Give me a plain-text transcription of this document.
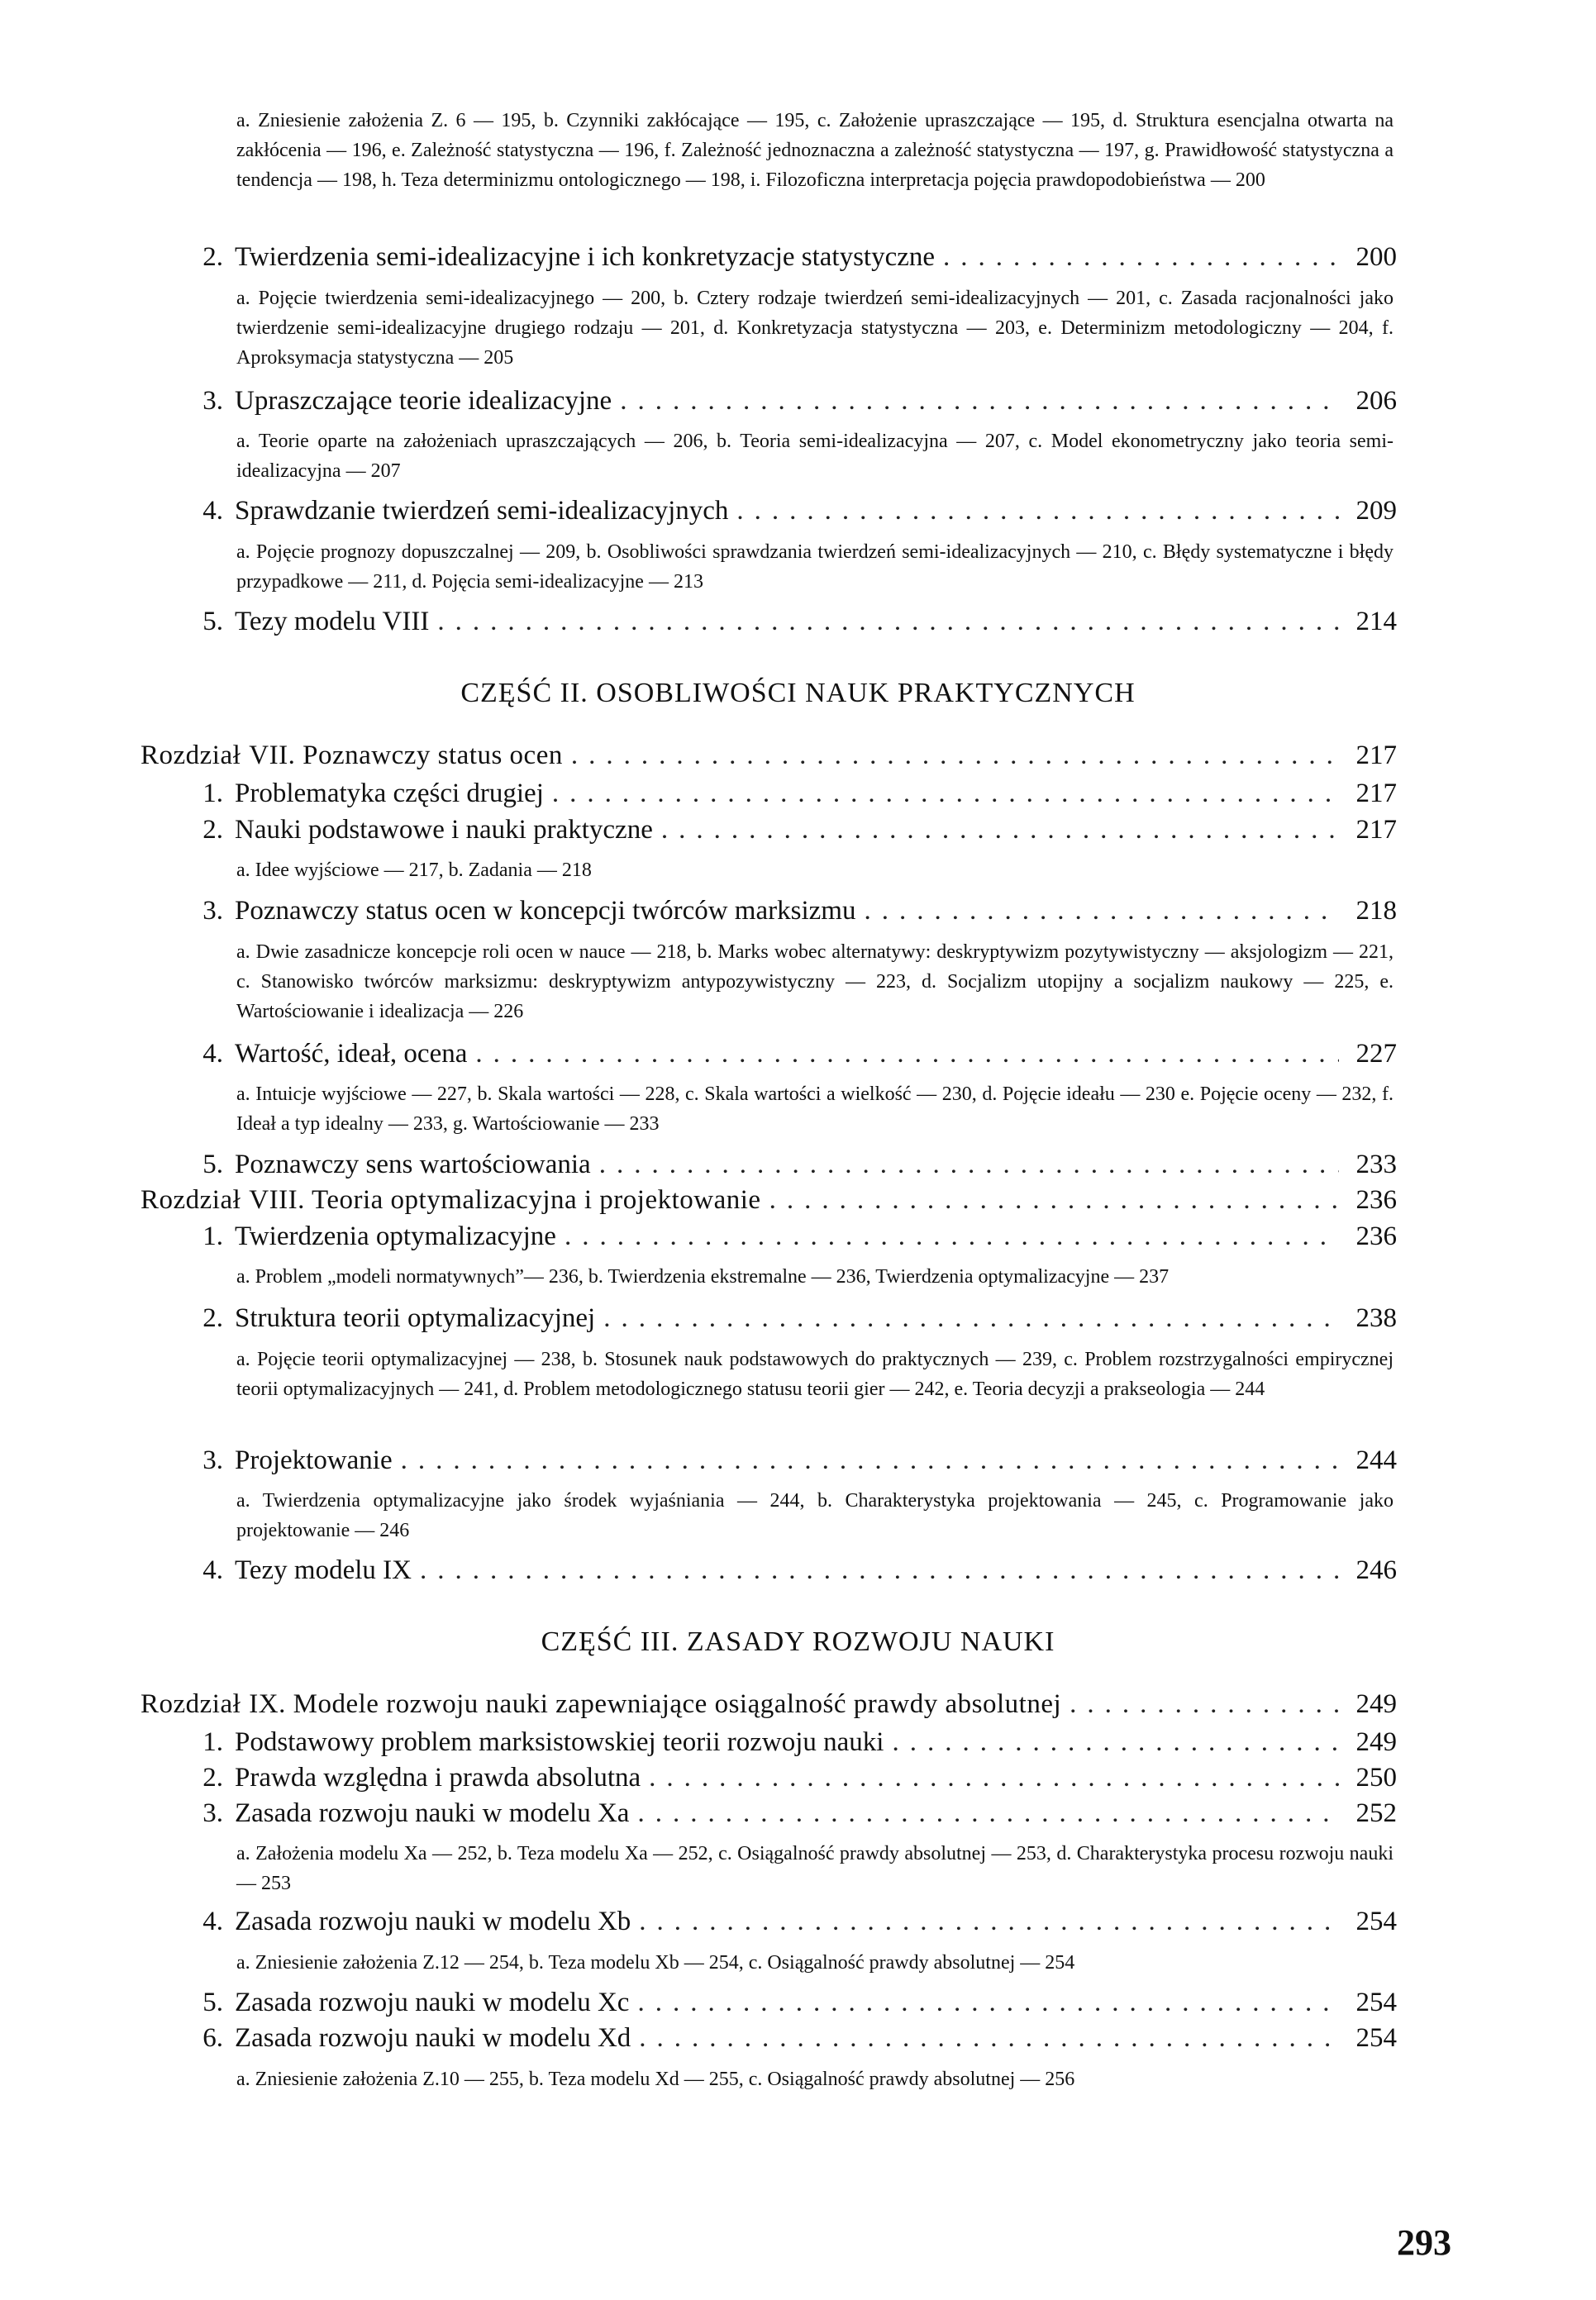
a. Zniesienie założenia Z. 6 — 195, b. Czynniki zakłócające — 195, c. Założenie upraszczające — 195, d. Struktura esencjalna otwarta na zakłócenia — 196, e. Zależność statystyczna — 196, f. Zależność jednoznaczna a zależność statystyczna — 197, g. Prawidłowość statystyczna a tendencja — 198, h. Teza determinizmu ontologicznego — 198, i. Filozoficzna interpretacja pojęcia prawdopodobieństwa — 200
2. Twierdzenia semi-idealizacyjne i ich konkretyzacje statystyczne .....	200
3. Upraszczające teorie idealizacyjne .....	206
4. Sprawdzanie twierdzeń semi-idealizacyjnych .....	209
5. Tezy modelu VIII .....	214
Rozdział VII. Poznawczy status ocen .....	217
1. Problematyka części drugiej .....	217
2. Nauki podstawowe i nauki praktyczne .....	217
3. Poznawczy status ocen w koncepcji twórców marksizmu .....	218
4. Wartość, ideał, ocena .....	227
5. Poznawczy sens wartościowania .....	233
Rozdział VIII. Teoria optymalizacyjna i projektowanie .....	236
1. Twierdzenia optymalizacyjne .....	236
2. Struktura teorii optymalizacyjnej .....	238
3. Projektowanie .....	244
4. Tezy modelu IX .....	246
Rozdział IX. Modele rozwoju nauki zapewniające osiągalność prawdy absolutnej .....	249
1. Podstawowy problem marksistowskiej teorii rozwoju nauki .....	249
2. Prawda względna i prawda absolutna .....	250
3. Zasada rozwoju nauki w modelu Xa .....	252
4. Zasada rozwoju nauki w modelu Xb .....	254
5. Zasada rozwoju nauki w modelu Xc .....	254
6. Zasada rozwoju nauki w modelu Xd .....	254
a. Pojęcie twierdzenia semi-idealizacyjnego — 200, b. Cztery rodzaje twierdzeń semi-idealizacyjnych — 201, c. Zasada racjonalności jako twierdzenie semi-idealizacyjne drugiego rodzaju — 201, d. Konkretyzacja statystyczna — 203, e. Determinizm metodologiczny — 204, f. Aproksymacja statystyczna — 205
a. Teorie oparte na założeniach upraszczających — 206, b. Teoria semi-idealizacyjna — 207, c. Model ekonometryczny jako teoria semi-idealizacyjna — 207
a. Pojęcie prognozy dopuszczalnej — 209, b. Osobliwości sprawdzania twierdzeń semi-idealizacyjnych — 210, c. Błędy systematyczne i błędy przypadkowe — 211, d. Pojęcia semi-idealizacyjne — 213
a. Idee wyjściowe — 217, b. Zadania — 218
a. Dwie zasadnicze koncepcje roli ocen w nauce — 218, b. Marks wobec alternatywy: deskryptywizm pozytywistyczny — aksjologizm — 221, c. Stanowisko twórców marksizmu: deskryptywizm antypozywistyczny — 223, d. Socjalizm utopijny a socjalizm naukowy — 225, e. Wartościowanie i idealizacja — 226
a. Intuicje wyjściowe — 227, b. Skala wartości — 228, c. Skala wartości a wielkość — 230, d. Pojęcie ideału — 230 e. Pojęcie oceny — 232, f. Ideał a typ idealny — 233, g. Wartościowanie — 233
a. Problem „modeli normatywnych”— 236, b. Twierdzenia ekstremalne — 236, Twierdzenia optymalizacyjne — 237
a. Pojęcie teorii optymalizacyjnej — 238, b. Stosunek nauk podstawowych do praktycznych — 239, c. Problem rozstrzygalności empirycznej teorii optymalizacyjnych — 241, d. Problem metodologicznego statusu teorii gier — 242, e. Teoria decyzji a prakseologia — 244
a. Twierdzenia optymalizacyjne jako środek wyjaśniania — 244, b. Charakterystyka projektowania — 245, c. Programowanie jako projektowanie — 246
a. Założenia modelu Xa — 252, b. Teza modelu Xa — 252, c. Osiągalność prawdy absolutnej — 253, d. Charakterystyka procesu rozwoju nauki — 253
a. Zniesienie założenia Z.12 — 254, b. Teza modelu Xb — 254, c. Osiągalność prawdy absolutnej — 254
a. Zniesienie założenia Z.10 — 255, b. Teza modelu Xd — 255, c. Osiągalność prawdy absolutnej — 256
CZĘŚĆ II. OSOBLIWOŚCI NAUK PRAKTYCZNYCH
CZĘŚĆ III. ZASADY ROZWOJU NAUKI
293
